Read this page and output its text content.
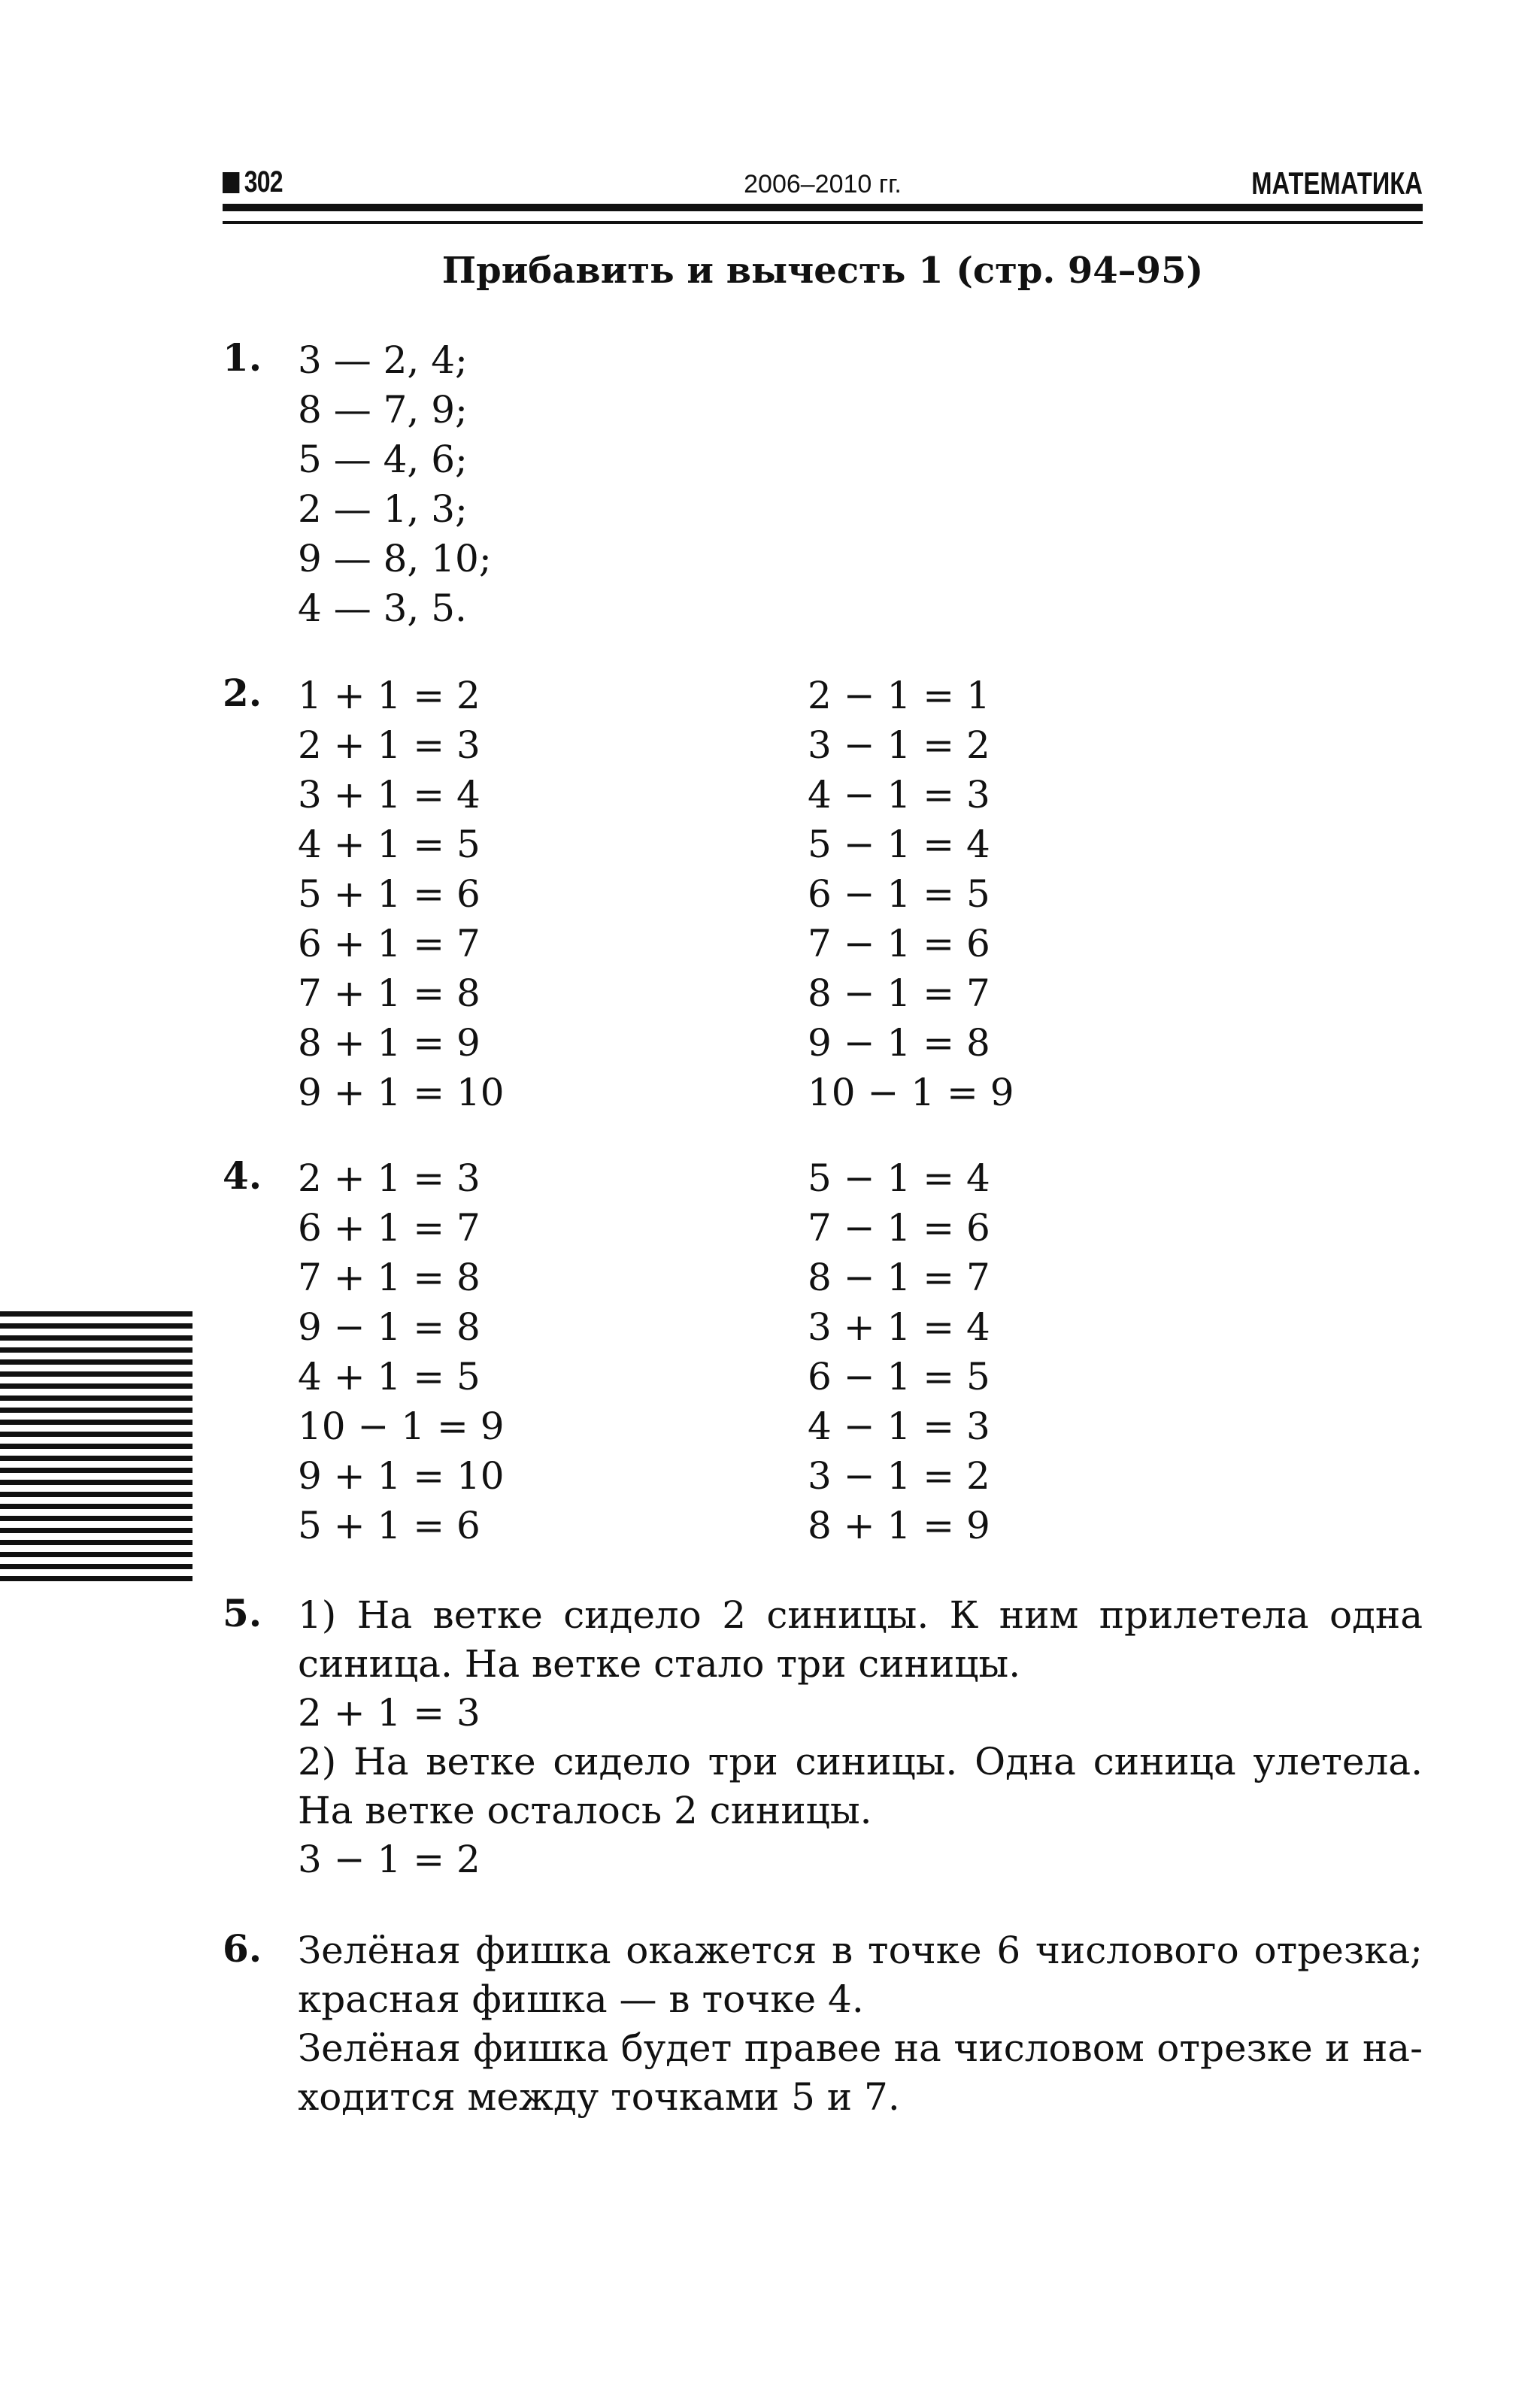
302	2006–2010 гг.	МАТЕМАТИКА
Прибавить и вычесть 1 (стр. 94–95)
1. 3 — 2, 4;
8 — 7, 9;
5 — 4, 6;
2 — 1, 3;
9 — 8, 10;
4 — 3, 5.
2. 1 + 1 = 2
2 + 1 = 3
3 + 1 = 4
4 + 1 = 5
5 + 1 = 6
6 + 1 = 7
7 + 1 = 8
8 + 1 = 9
9 + 1 = 10
2 − 1 = 1
3 − 1 = 2
4 − 1 = 3
5 − 1 = 4
6 − 1 = 5
7 − 1 = 6
8 − 1 = 7
9 − 1 = 8
10 − 1 = 9
4. 2 + 1 = 3
6 + 1 = 7
7 + 1 = 8
9 − 1 = 8
4 + 1 = 5
10 − 1 = 9
9 + 1 = 10
5 + 1 = 6
5 − 1 = 4
7 − 1 = 6
8 − 1 = 7
3 + 1 = 4
6 − 1 = 5
4 − 1 = 3
3 − 1 = 2
8 + 1 = 9
5. 1) На ветке сидело 2 синицы. К ним прилетела одна
синица. На ветке стало три синицы.
2 + 1 = 3
2) На ветке сидело три синицы. Одна синица улетела.
На ветке осталось 2 синицы.
3 − 1 = 2
6. Зелёная фишка окажется в точке 6 числового отрезка;
красная фишка — в точке 4.
Зелёная фишка будет правее на числовом отрезке и на-
ходится между точками 5 и 7.
